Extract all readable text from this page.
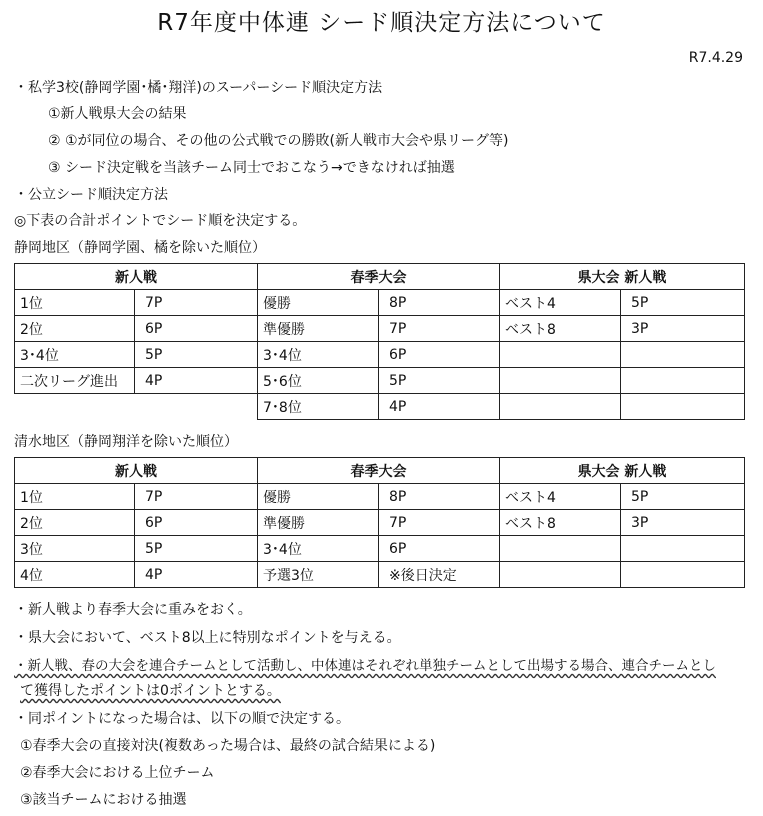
R7年度中体連 シード順決定方法について
R7.4.29
・私学3校(静岡学園･橘･翔洋)のスーパーシード順決定方法
①新人戦県大会の結果
② ①が同位の場合、その他の公式戦での勝敗(新人戦市大会や県リーグ等)
③ シード決定戦を当該チーム同士でおこなう→できなければ抽選
・公立シード順決定方法
◎下表の合計ポイントでシード順を決定する。
静岡地区（静岡学園、橘を除いた順位）
新人戦		春季大会		県大会 新人戦	
1位	7P	優勝	8P	ベスト4	5P
2位	6P	準優勝	7P	ベスト8	3P
3･4位	5P	3･4位	6P		
二次リーグ進出	4P	5･6位	5P		
		7･8位	4P		
清水地区（静岡翔洋を除いた順位）
新人戦		春季大会		県大会 新人戦	
1位	7P	優勝	8P	ベスト4	5P
2位	6P	準優勝	7P	ベスト8	3P
3位	5P	3･4位	6P		
4位	4P	予選3位	※後日決定		
・新人戦より春季大会に重みをおく。
・県大会において、ベスト8以上に特別なポイントを与える。
・新人戦、春の大会を連合チームとして活動し、中体連はそれぞれ単独チームとして出場する場合、連合チームとし
て獲得したポイントは0ポイントとする。
・同ポイントになった場合は、以下の順で決定する。
①春季大会の直接対決(複数あった場合は、最終の試合結果による)
②春季大会における上位チーム
③該当チームにおける抽選
